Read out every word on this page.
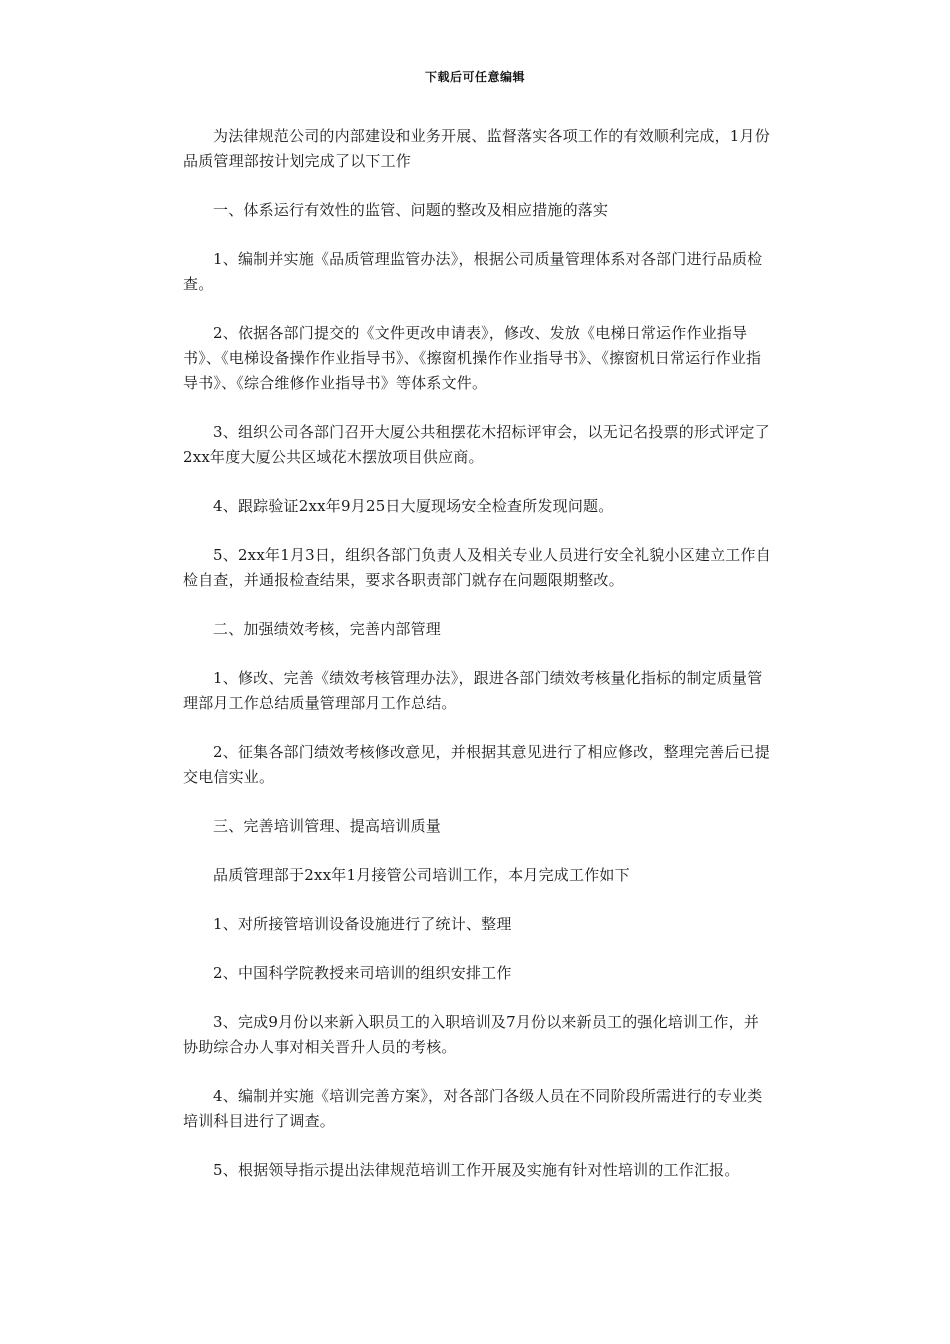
下载后可任意编辑

为法律规范公司的内部建设和业务开展、监督落实各项工作的有效顺利完成，1月份品质管理部按计划完成了以下工作

一、体系运行有效性的监管、问题的整改及相应措施的落实

1、编制并实施《品质管理监管办法》，根据公司质量管理体系对各部门进行品质检查。

2、依据各部门提交的《文件更改申请表》，修改、发放《电梯日常运作作业指导书》、《电梯设备操作作业指导书》、《擦窗机操作作业指导书》、《擦窗机日常运行作业指导书》、《综合维修作业指导书》等体系文件。

3、组织公司各部门召开大厦公共租摆花木招标评审会，以无记名投票的形式评定了2xx年度大厦公共区域花木摆放项目供应商。

4、跟踪验证2xx年9月25日大厦现场安全检查所发现问题。

5、2xx年1月3日，组织各部门负责人及相关专业人员进行安全礼貌小区建立工作自检自查，并通报检查结果，要求各职责部门就存在问题限期整改。

二、加强绩效考核，完善内部管理

1、修改、完善《绩效考核管理办法》，跟进各部门绩效考核量化指标的制定质量管理部月工作总结质量管理部月工作总结。

2、征集各部门绩效考核修改意见，并根据其意见进行了相应修改，整理完善后已提交电信实业。

三、完善培训管理、提高培训质量

品质管理部于2xx年1月接管公司培训工作，本月完成工作如下

1、对所接管培训设备设施进行了统计、整理

2、中国科学院教授来司培训的组织安排工作

3、完成9月份以来新入职员工的入职培训及7月份以来新员工的强化培训工作，并协助综合办人事对相关晋升人员的考核。

4、编制并实施《培训完善方案》，对各部门各级人员在不同阶段所需进行的专业类培训科目进行了调查。

5、根据领导指示提出法律规范培训工作开展及实施有针对性培训的工作汇报。
